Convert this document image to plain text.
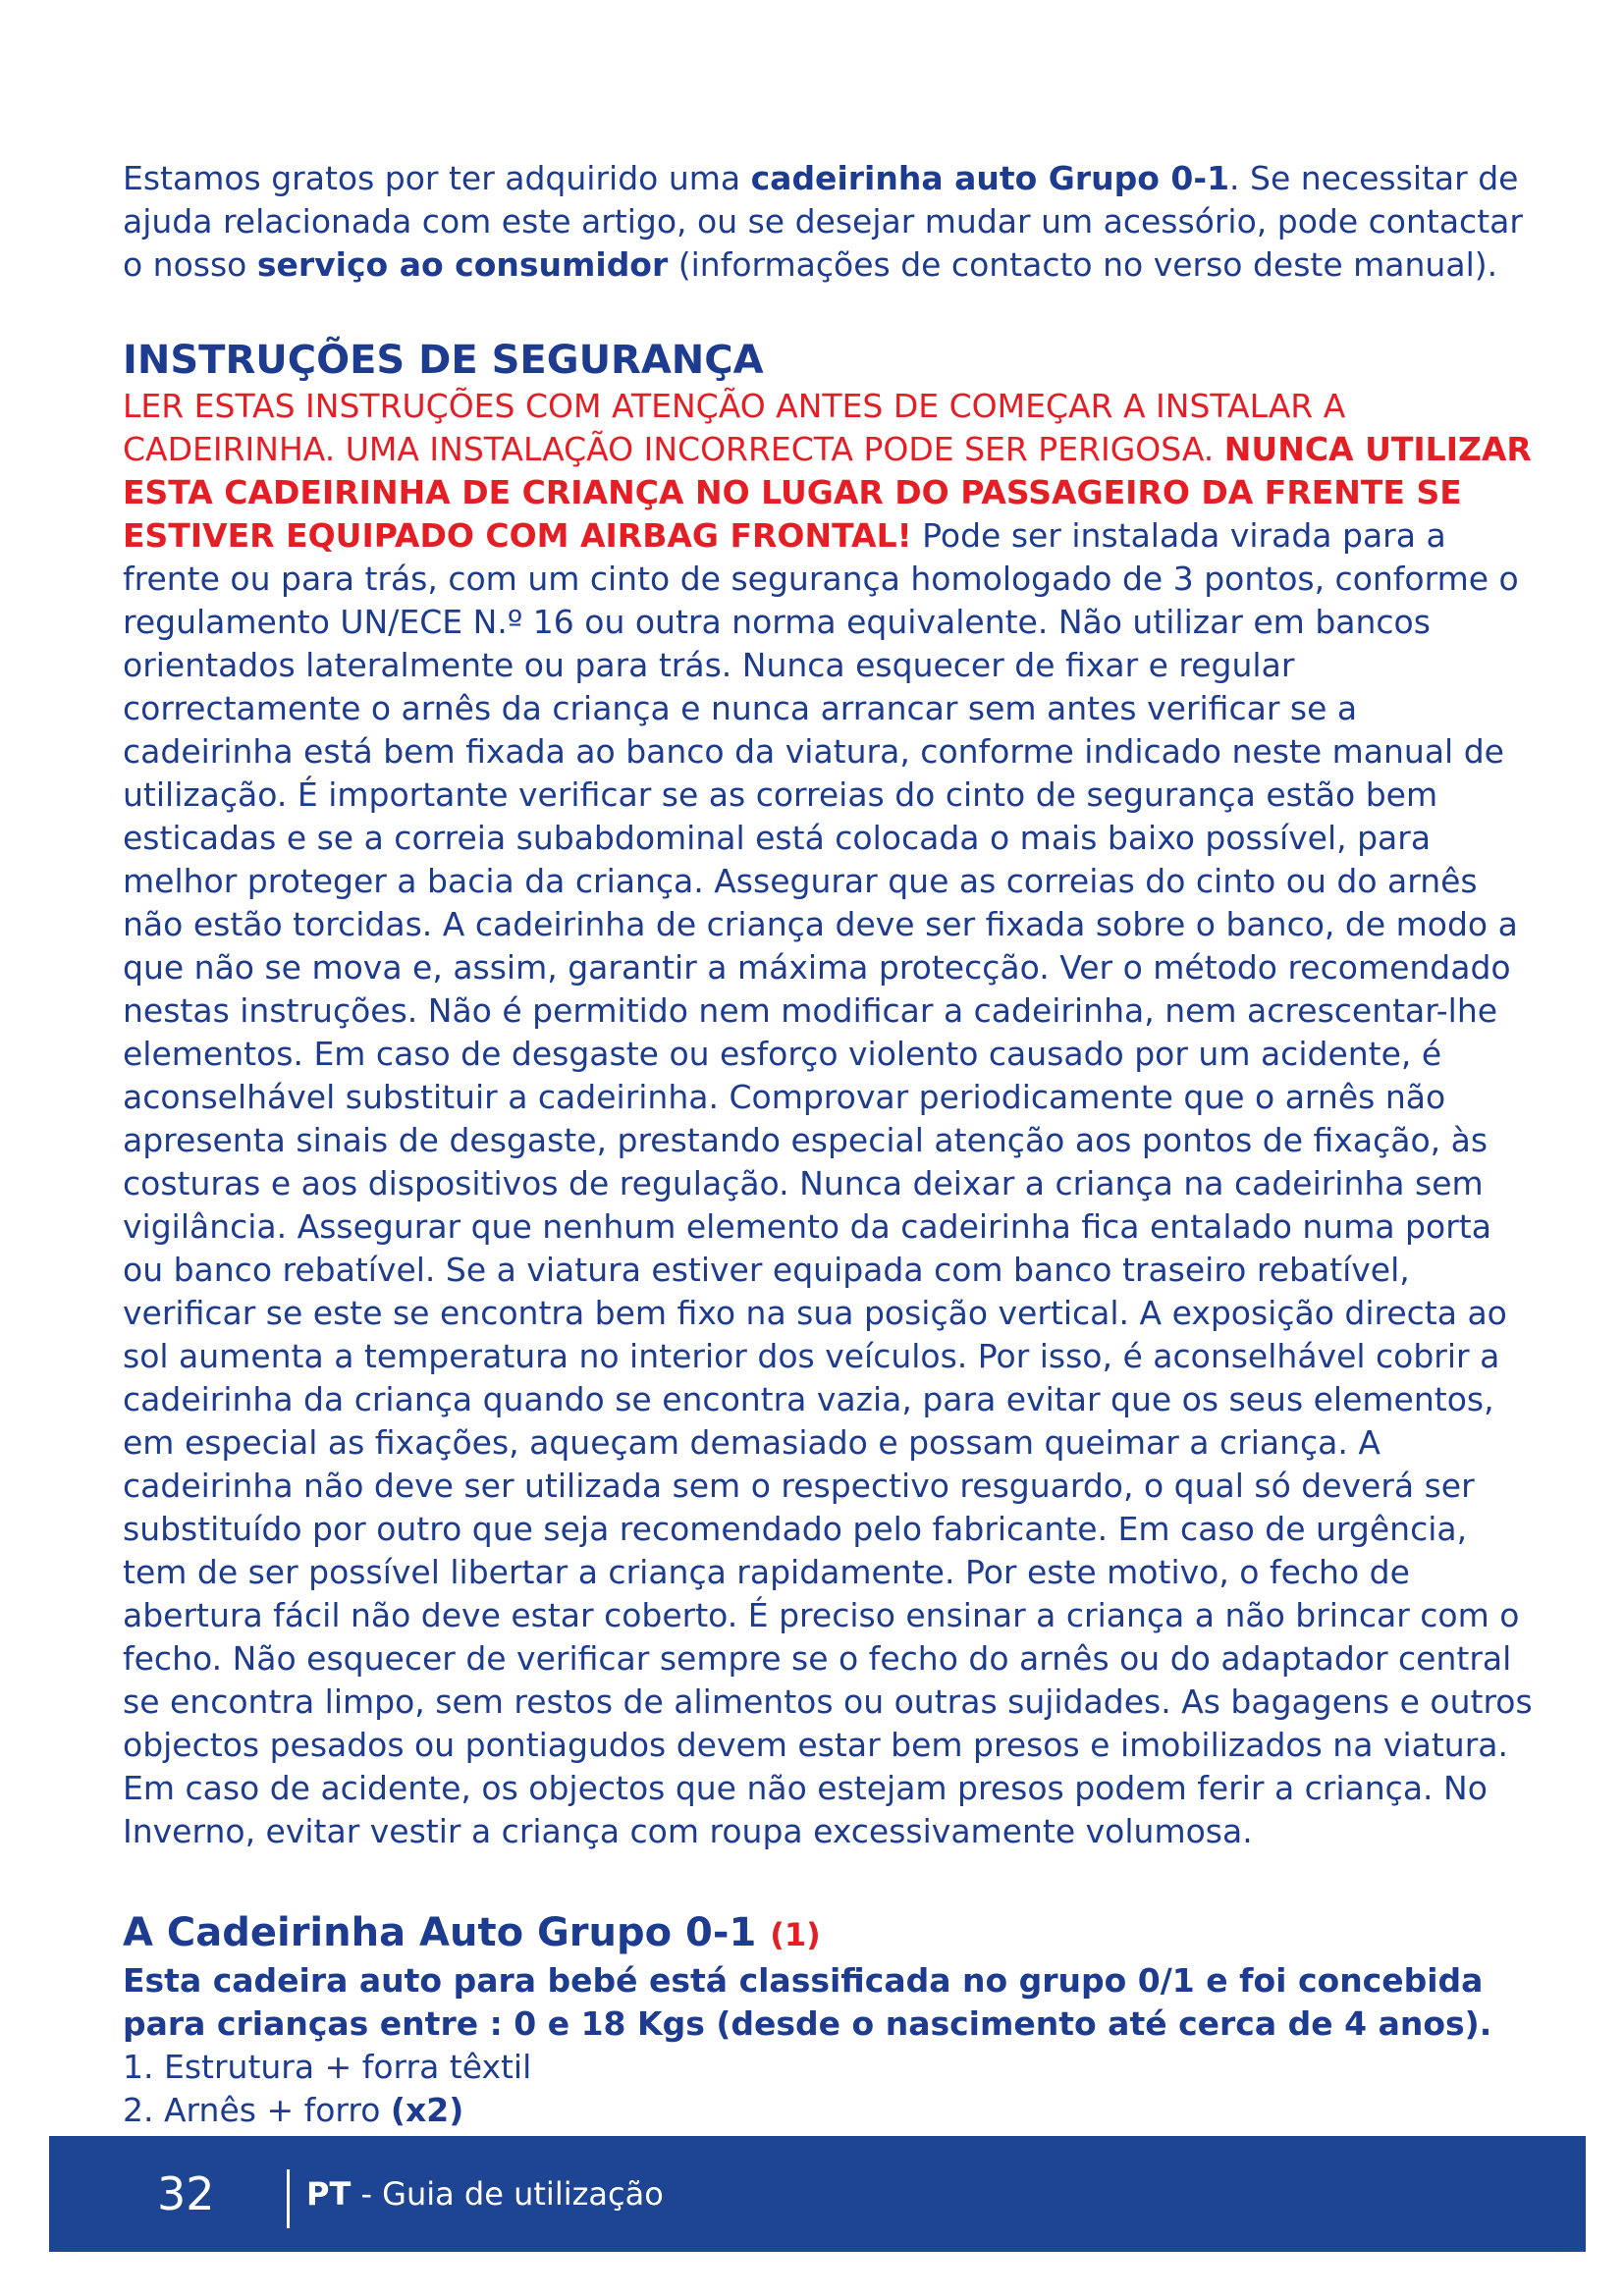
Estamos gratos por ter adquirido uma cadeirinha auto Grupo 0-1. Se necessitar de ajuda relacionada com este artigo, ou se desejar mudar um acessório, pode contactar o nosso serviço ao consumidor (informações de contacto no verso deste manual).

INSTRUÇÕES DE SEGURANÇA

LER ESTAS INSTRUÇÕES COM ATENÇÃO ANTES DE COMEÇAR A INSTALAR A CADEIRINHA. UMA INSTALAÇÃO INCORRECTA PODE SER PERIGOSA. NUNCA UTILIZAR ESTA CADEIRINHA DE CRIANÇA NO LUGAR DO PASSAGEIRO DA FRENTE SE ESTIVER EQUIPADO COM AIRBAG FRONTAL! Pode ser instalada virada para a frente ou para trás, com um cinto de segurança homologado de 3 pontos, conforme o regulamento UN/ECE N.º 16 ou outra norma equivalente. Não utilizar em bancos orientados lateralmente ou para trás. Nunca esquecer de fixar e regular correctamente o arnês da criança e nunca arrancar sem antes verificar se a cadeirinha está bem fixada ao banco da viatura, conforme indicado neste manual de utilização. É importante verificar se as correias do cinto de segurança estão bem esticadas e se a correia subabdominal está colocada o mais baixo possível, para melhor proteger a bacia da criança. Assegurar que as correias do cinto ou do arnês não estão torcidas. A cadeirinha de criança deve ser fixada sobre o banco, de modo a que não se mova e, assim, garantir a máxima protecção. Ver o método recomendado nestas instruções. Não é permitido nem modificar a cadeirinha, nem acrescentar-lhe elementos. Em caso de desgaste ou esforço violento causado por um acidente, é aconselhável substituir a cadeirinha. Comprovar periodicamente que o arnês não apresenta sinais de desgaste, prestando especial atenção aos pontos de fixação, às costuras e aos dispositivos de regulação. Nunca deixar a criança na cadeirinha sem vigilância. Assegurar que nenhum elemento da cadeirinha fica entalado numa porta ou banco rebatível. Se a viatura estiver equipada com banco traseiro rebatível, verificar se este se encontra bem fixo na sua posição vertical. A exposição directa ao sol aumenta a temperatura no interior dos veículos. Por isso, é aconselhável cobrir a cadeirinha da criança quando se encontra vazia, para evitar que os seus elementos, em especial as fixações, aqueçam demasiado e possam queimar a criança. A cadeirinha não deve ser utilizada sem o respectivo resguardo, o qual só deverá ser substituído por outro que seja recomendado pelo fabricante. Em caso de urgência, tem de ser possível libertar a criança rapidamente. Por este motivo, o fecho de abertura fácil não deve estar coberto. É preciso ensinar a criança a não brincar com o fecho. Não esquecer de verificar sempre se o fecho do arnês ou do adaptador central se encontra limpo, sem restos de alimentos ou outras sujidades. As bagagens e outros objectos pesados ou pontiagudos devem estar bem presos e imobilizados na viatura. Em caso de acidente, os objectos que não estejam presos podem ferir a criança. No Inverno, evitar vestir a criança com roupa excessivamente volumosa.

A Cadeirinha Auto Grupo 0-1 (1)

Esta cadeira auto para bebé está classificada no grupo 0/1 e foi concebida para crianças entre : 0 e 18 Kgs (desde o nascimento até cerca de 4 anos).

1. Estrutura + forra têxtil
2. Arnês + forro (x2)
32	PT - Guia de utilização
